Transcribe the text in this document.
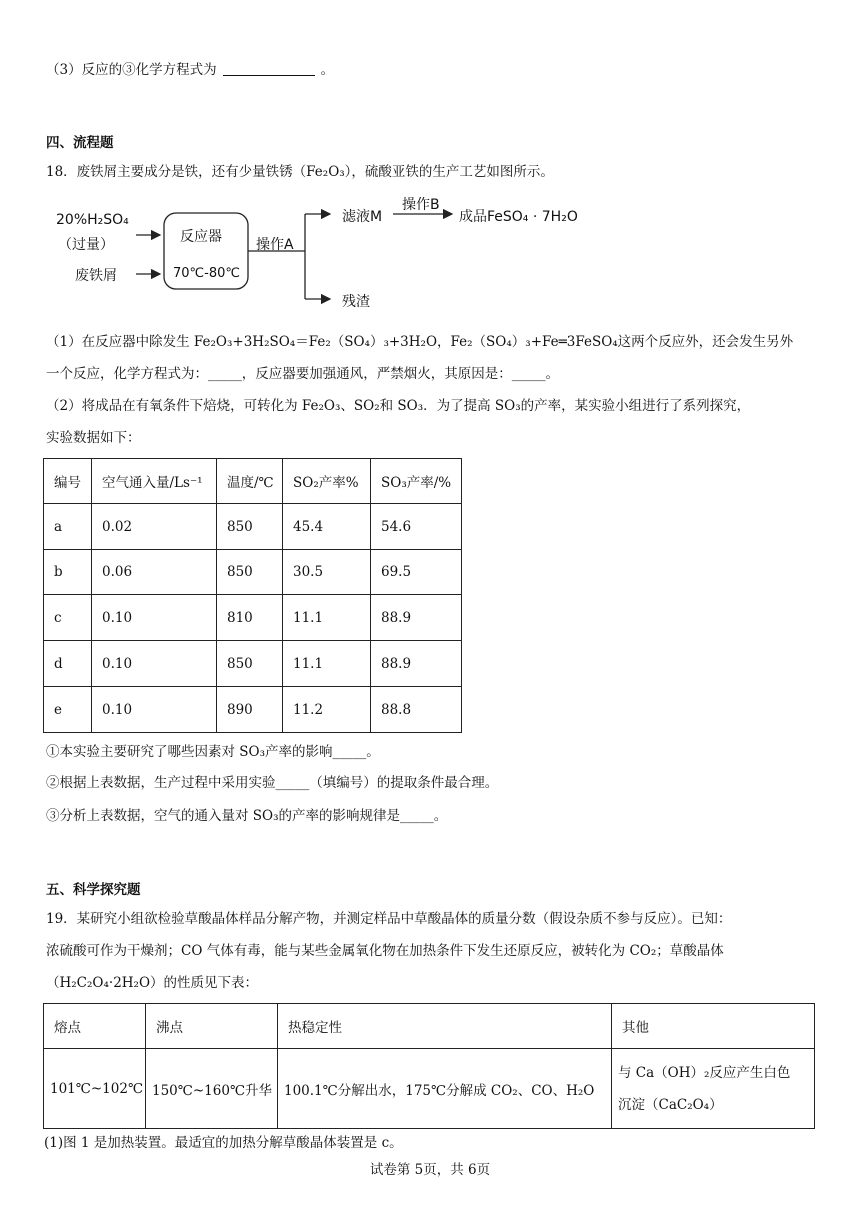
（3）反应的③化学方程式为	。
四、流程题
18．废铁屑主要成分是铁，还有少量铁锈（Fe₂O₃），硫酸亚铁的生产工艺如图所示。
20%H₂SO₄
（过量）
废铁屑
反应器
70℃-80℃
操作A
滤液M
操作B
成品FeSO₄ · 7H₂O
残渣
（1）在反应器中除发生 Fe₂O₃+3H₂SO₄＝Fe₂（SO₄）₃+3H₂O，Fe₂（SO₄）₃+Fe═3FeSO₄这两个反应外，还会发生另外
一个反应，化学方程式为：_____，反应器要加强通风，严禁烟火，其原因是：_____。
（2）将成品在有氧条件下焙烧，可转化为 Fe₂O₃、SO₂和 SO₃．为了提高 SO₃的产率，某实验小组进行了系列探究，
实验数据如下：
编号	空气通入量/Ls⁻¹	温度/℃	SO₂产率%	SO₃产率/%
a	0.02	850	45.4	54.6
b	0.06	850	30.5	69.5
c	0.10	810	11.1	88.9
d	0.10	850	11.1	88.9
e	0.10	890	11.2	88.8
①本实验主要研究了哪些因素对 SO₃产率的影响_____。
②根据上表数据，生产过程中采用实验_____（填编号）的提取条件最合理。
③分析上表数据，空气的通入量对 SO₃的产率的影响规律是_____。
五、科学探究题
19．某研究小组欲检验草酸晶体样品分解产物，并测定样品中草酸晶体的质量分数（假设杂质不参与反应）。已知：
浓硫酸可作为干燥剂；CO 气体有毒，能与某些金属氧化物在加热条件下发生还原反应，被转化为 CO₂；草酸晶体
（H₂C₂O₄·2H₂O）的性质见下表：
熔点	沸点	热稳定性	其他
101℃~102℃	150℃~160℃升华	100.1℃分解出水，175℃分解成 CO₂、CO、H₂O	与 Ca（OH）₂反应产生白色
沉淀（CaC₂O₄）
(1)图 1 是加热装置。最适宜的加热分解草酸晶体装置是 c。
试卷第 5页，共 6页
